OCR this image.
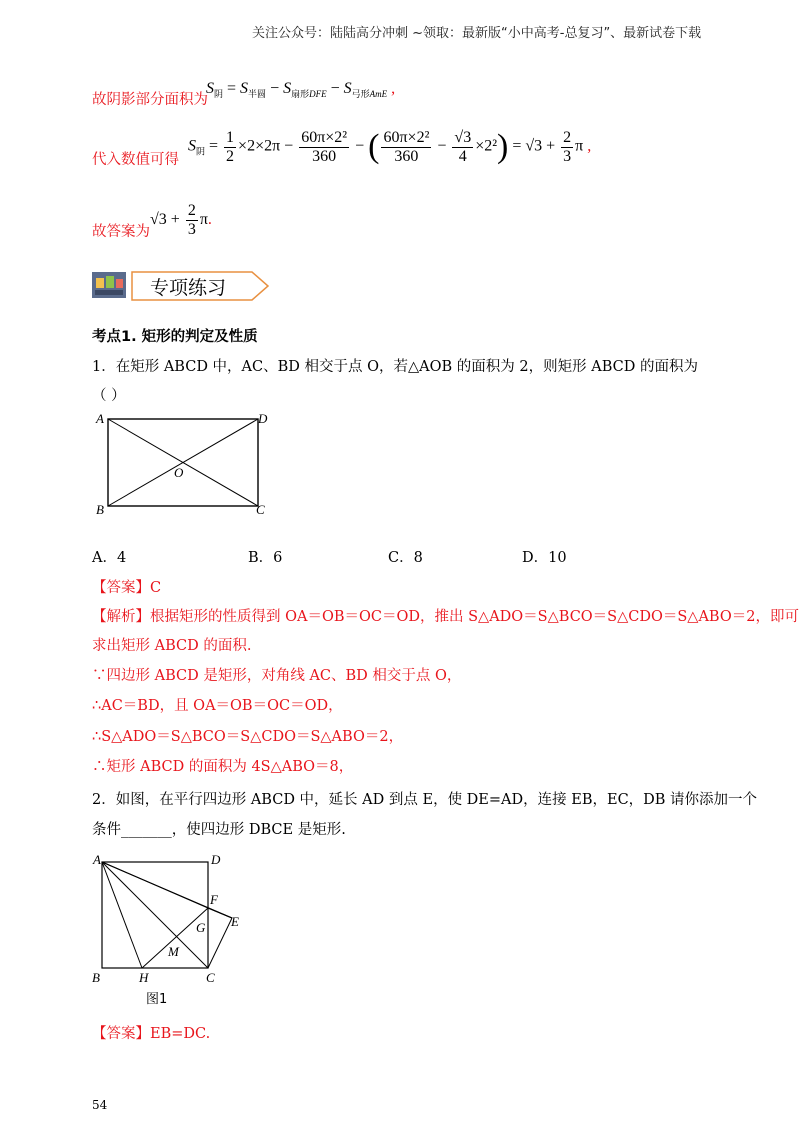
关注公众号：陆陆高分冲刺 ~领取：最新版“小中高考-总复习”、最新试卷下载
故阴影部分面积为
$S_阴 = S_{半圆} - S_{扇形DFE} - S_{弓形AmE}$ ,
代入数值可得
$S_阴 = \frac{1}{2} \times 2\times 2\pi - \frac{\text{60π×2²}}{360}$ − ( $\frac{\text{60π×2²}}{360} - \frac{√3}{4} \times 2^2) = √3 + \frac{2}{3}$ π ,
故答案为
$√3 + \frac{2}{3} \pi$.
专项练习
考点1. 矩形的判定及性质
1．在矩形 ABCD 中，AC、BD 相交于点 O，若△AOB 的面积为 2，则矩形 ABCD 的面积为
（ ）
A	D
B	C
O
A．4	B．6	C．8	D．10
【答案】C
【解析】根据矩形的性质得到 OA＝OB＝OC＝OD，推出 S△ADO＝S△BCO＝S△CDO＝S△ABO＝2，即可
求出矩形 ABCD 的面积.
∵四边形 ABCD 是矩形，对角线 AC、BD 相交于点 O，
∴AC＝BD，且 OA＝OB＝OC＝OD，
∴S△ADO＝S△BCO＝S△CDO＝S△ABO＝2，
∴矩形 ABCD 的面积为 4S△ABO＝8，
2．如图，在平行四边形 ABCD 中，延长 AD 到点 E，使 DE=AD，连接 EB，EC，DB 请你添加一个
条件_______，使四边形 DBCE 是矩形.
A	D
F
E
G
M
B	H	C
图1
【答案】EB=DC.
54
